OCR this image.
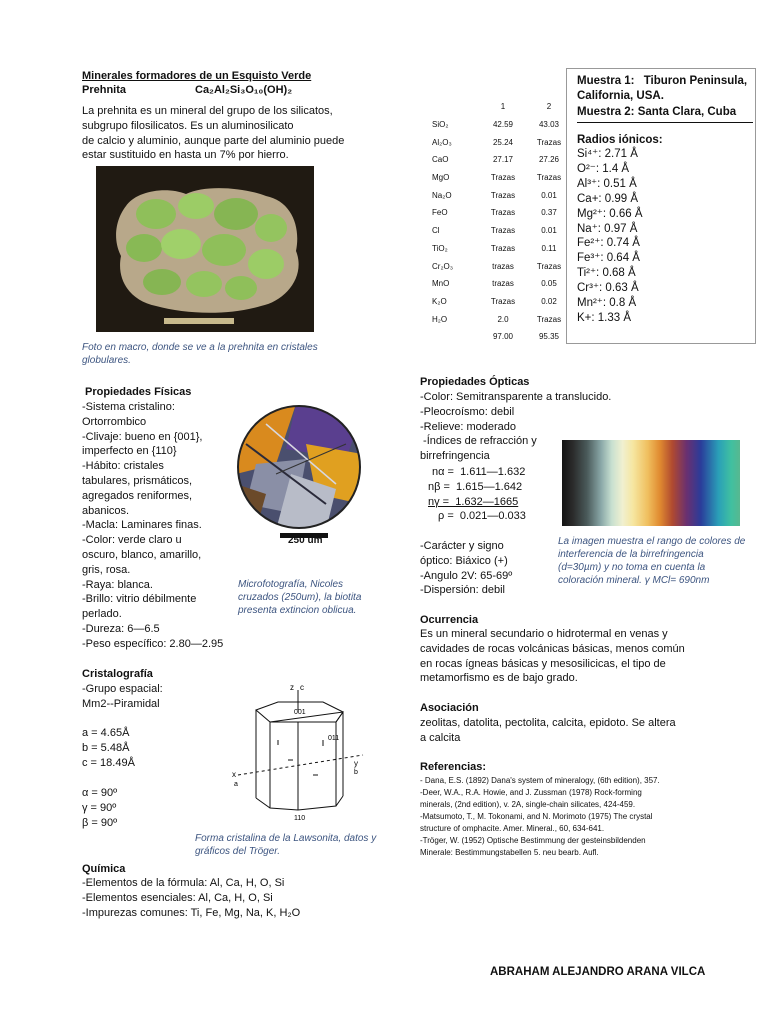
Minerales formadores de un Esquisto Verde
Prehnita	Ca₂Al₂Si₃O₁₀(OH)₂

La prehnita es un mineral del grupo de los silicatos,

subgrupo filosilicatos. Es un aluminosilicato

de calcio y aluminio, aunque parte del aluminio puede

estar sustituido en hasta un 7% por hierro.

Foto en macro, donde se ve a la prehnita en cristales globulares.
	1	2
SiO₂	42.59	43.03
Al₂O₃	25.24	Trazas
CaO	27.17	27.26
MgO	Trazas	Trazas
Na₂O	Trazas	0.01
FeO	Trazas	0.37
Cl	Trazas	0.01
TiO₂	Trazas	0.11
Cr₂O₃	trazas	Trazas
MnO	trazas	0.05
K₂O	Trazas	0.02
H₂O	2.0	Trazas
	97.00	95.35
Muestra 1: Tiburon Peninsula, California, USA.
Muestra 2: Santa Clara, Cuba
Radios iónicos:

Si⁴⁺: 2.71 Å

O²⁻: 1.4 Å

Al³⁺: 0.51 Å

Ca+: 0.99 Å

Mg²⁺: 0.66 Å

Na⁺: 0.97 Å

Fe²⁺: 0.74 Å

Fe³⁺: 0.64 Å

Ti²⁺: 0.68 Å

Cr³⁺: 0.63 Å

Mn²⁺: 0.8 Å

K+: 1.33 Å

Propiedades Físicas

-Sistema cristalino:

Ortorrombico

-Clivaje: bueno en {001},

imperfecto en {110}

-Hábito: cristales

tabulares, prismáticos,

agregados reniformes,

abanicos.

-Macla: Laminares finas.

-Color: verde claro u

oscuro, blanco, amarillo,

gris, rosa.

-Raya: blanca.

-Brillo: vitrio débilmente

perlado.

-Dureza: 6—6.5

-Peso específico: 2.80—2.95

250 um
Microfotografía, Nicoles cruzados (250um), la biotita presenta extincion oblicua.
Cristalografía

-Grupo espacial:

Mm2--Piramidal

a = 4.65Å

b = 5.48Å

c = 18.49Å

α = 90º

γ = 90º

β = 90º

z c
001
011
110
x
a
y
b
Forma cristalina de la Lawsonita, datos y gráficos del Tröger.
Química

-Elementos de la fórmula: Al, Ca, H, O, Si

-Elementos esenciales: Al, Ca, H, O, Si

-Impurezas comunes: Ti, Fe, Mg, Na, K, H₂O

Propiedades Ópticas

-Color: Semitransparente a translucido.

-Pleocroísmo: debil

-Relieve: moderado

-Índices de refracción y

birrefringencia

nα =  1.611—1.632

nβ =  1.615—1.642

nγ =  1.632—1665

ρ =  0.021—0.033

-Carácter y signo

óptico: Biáxico (+)

-Angulo 2V: 65-69º

-Dispersión: debil

La imagen muestra el rango de colores de interferencia de la birrefringencia (d=30µm) y no toma en cuenta la coloración mineral. γ MCl= 690nm
Ocurrencia

Es un mineral secundario o hidrotermal en venas y

cavidades de rocas volcánicas básicas, menos común

en rocas ígneas básicas y mesosilicicas, el tipo de

metamorfismo es de bajo grado.

Asociación

zeolitas, datolita, pectolita, calcita, epidoto. Se altera

a calcita

Referencias:

- Dana, E.S. (1892) Dana's system of mineralogy, (6th edition), 357.

-Deer, W.A., R.A. Howie, and J. Zussman (1978) Rock-forming

minerals, (2nd edition), v. 2A, single-chain silicates, 424-459.

-Matsumoto, T., M. Tokonami, and N. Morimoto (1975) The crystal

structure of omphacite. Amer. Mineral., 60, 634-641.

-Tröger, W. (1952) Optische Bestimmung der gesteinsbildenden

Minerale: Bestimmungstabellen 5. neu bearb. Aufl.

ABRAHAM ALEJANDRO ARANA VILCA
